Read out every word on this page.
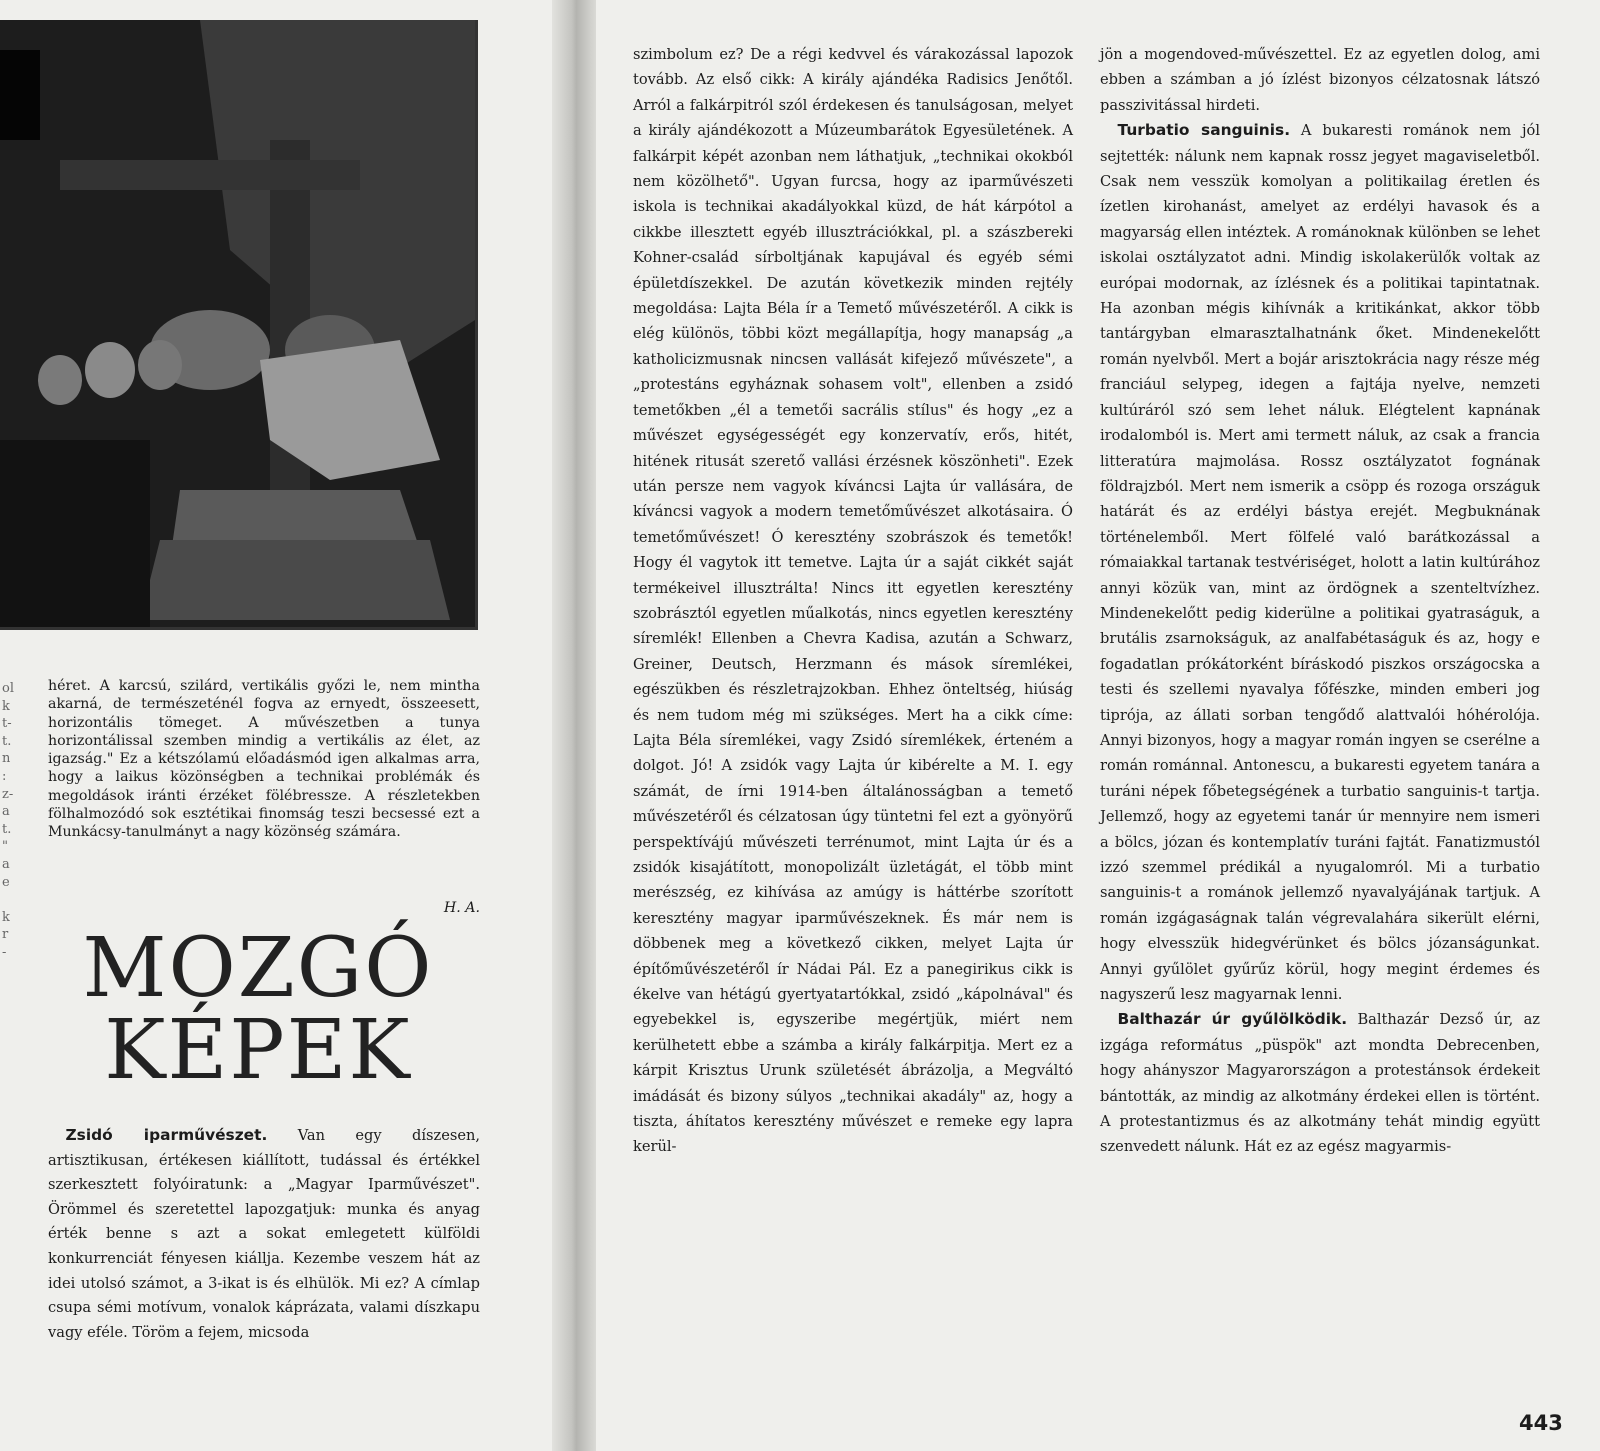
ol
k
t-
t.
n
:
z-
a
t.
"
a
e
k
r
-

héret. A karcsú, szilárd, vertikális győzi le, nem mintha akarná, de természeténél fogva az ernyedt, összeesett, horizontális tömeget. A művészetben a tunya horizontálissal szemben mindig a vertikális az élet, az igazság." Ez a kétszólamú előadásmód igen alkalmas arra, hogy a laikus közönségben a technikai problémák és megoldások iránti érzéket fölébressze. A részletekben fölhalmozódó sok esztétikai finomság teszi becsessé ezt a Munkácsy-tanulmányt a nagy közönség számára.

H. A.
MOZGÓ
KÉPEK

Zsidó iparművészet. Van egy díszesen, artisztikusan, értékesen kiállított, tudással és értékkel szerkesztett folyóiratunk: a „Magyar Iparművészet". Örömmel és szeretettel lapozgatjuk: munka és anyag érték benne s azt a sokat emlegetett külföldi konkurrenciát fényesen kiállja. Kezembe veszem hát az idei utolsó számot, a 3-ikat is és elhülök. Mi ez? A címlap csupa sémi motívum, vonalok káprázata, valami díszkapu vagy eféle. Töröm a fejem, micsoda

szimbolum ez? De a régi kedvvel és várakozással lapozok tovább. Az első cikk: A király ajándéka Radisics Jenőtől. Arról a falkárpitról szól érdekesen és tanulságosan, melyet a király ajándékozott a Múzeumbarátok Egyesületének. A falkárpit képét azonban nem láthatjuk, „technikai okokból nem közölhető". Ugyan furcsa, hogy az iparművészeti iskola is technikai akadályokkal küzd, de hát kárpótol a cikkbe illesztett egyéb illusztrációkkal, pl. a szászbereki Kohner-család sírboltjának kapujával és egyéb sémi épületdíszekkel. De azután következik minden rejtély megoldása: Lajta Béla ír a Temető művészetéről. A cikk is elég különös, többi közt megállapítja, hogy manapság „a katholicizmusnak nincsen vallását kifejező művészete", a „protestáns egyháznak sohasem volt", ellenben a zsidó temetőkben „él a temetői sacrális stílus" és hogy „ez a művészet egységességét egy konzervatív, erős, hitét, hitének ritusát szerető vallási érzésnek köszönheti". Ezek után persze nem vagyok kíváncsi Lajta úr vallására, de kíváncsi vagyok a modern temetőművészet alkotásaira. Ó temetőművészet! Ó keresztény szobrászok és temetők! Hogy él vagytok itt temetve. Lajta úr a saját cikkét saját termékeivel illusztrálta! Nincs itt egyetlen keresztény szobrásztól egyetlen műalkotás, nincs egyetlen keresztény síremlék! Ellenben a Chevra Kadisa, azután a Schwarz, Greiner, Deutsch, Herzmann és mások síremlékei, egészükben és részletrajzokban. Ehhez önteltség, hiúság és nem tudom még mi szükséges. Mert ha a cikk címe: Lajta Béla síremlékei, vagy Zsidó síremlékek, érteném a dolgot. Jó! A zsidók vagy Lajta úr kibérelte a M. I. egy számát, de írni 1914-ben általánosságban a temető művészetéről és célzatosan úgy tüntetni fel ezt a gyönyörű perspektívájú művészeti terrénumot, mint Lajta úr és a zsidók kisajátított, monopolizált üzletágát, el több mint merészség, ez kihívása az amúgy is háttérbe szorított keresztény magyar iparművészeknek. És már nem is döbbenek meg a következő cikken, melyet Lajta úr építőművészetéről ír Nádai Pál. Ez a panegirikus cikk is ékelve van hétágú gyertyatartókkal, zsidó „kápolnával" és egyebekkel is, egyszeribe megértjük, miért nem kerülhetett ebbe a számba a király falkárpitja. Mert ez a kárpit Krisztus Urunk születését ábrázolja, a Megváltó imádását és bizony súlyos „technikai akadály" az, hogy a tiszta, áhítatos keresztény művészet e remeke egy lapra kerül-

jön a mogendoved-művészettel. Ez az egyetlen dolog, ami ebben a számban a jó ízlést bizonyos célzatosnak látszó passzivitással hirdeti.

Turbatio sanguinis. A bukaresti románok nem jól sejtették: nálunk nem kapnak rossz jegyet magaviseletből. Csak nem vesszük komolyan a politikailag éretlen és ízetlen kirohanást, amelyet az erdélyi havasok és a magyarság ellen intéztek. A románoknak különben se lehet iskolai osztályzatot adni. Mindig iskolakerülők voltak az európai modornak, az ízlésnek és a politikai tapintatnak. Ha azonban mégis kihívnák a kritikánkat, akkor több tantárgyban elmarasztalhatnánk őket. Mindenekelőtt román nyelvből. Mert a bojár arisztokrácia nagy része még franciául selypeg, idegen a fajtája nyelve, nemzeti kultúráról szó sem lehet náluk. Elégtelent kapnának irodalomból is. Mert ami termett náluk, az csak a francia litteratúra majmolása. Rossz osztályzatot fognának földrajzból. Mert nem ismerik a csöpp és rozoga országuk határát és az erdélyi bástya erejét. Megbuknának történelemből. Mert fölfelé való barátkozással a rómaiakkal tartanak testvériséget, holott a latin kultúrához annyi közük van, mint az ördögnek a szenteltvízhez. Mindenekelőtt pedig kiderülne a politikai gyatraságuk, a brutális zsarnokságuk, az analfabétaságuk és az, hogy e fogadatlan prókátorként bíráskodó piszkos országocska a testi és szellemi nyavalya főfészke, minden emberi jog tiprója, az állati sorban tengődő alattvalói hóhérolója. Annyi bizonyos, hogy a magyar román ingyen se cserélne a román románnal. Antonescu, a bukaresti egyetem tanára a turáni népek főbetegségének a turbatio sanguinis-t tartja. Jellemző, hogy az egyetemi tanár úr mennyire nem ismeri a bölcs, józan és kontemplatív turáni fajtát. Fanatizmustól izzó szemmel prédikál a nyugalomról. Mi a turbatio sanguinis-t a románok jellemző nyavalyájának tartjuk. A román izgágaságnak talán végrevalahára sikerült elérni, hogy elvesszük hidegvérünket és bölcs józanságunkat. Annyi gyűlölet gyűrűz körül, hogy megint érdemes és nagyszerű lesz magyarnak lenni.

Balthazár úr gyűlölködik. Balthazár Dezső úr, az izgága református „püspök" azt mondta Debrecenben, hogy ahányszor Magyarországon a protestánsok érdekeit bántották, az mindig az alkotmány érdekei ellen is történt. A protestantizmus és az alkotmány tehát mindig együtt szenvedett nálunk. Hát ez az egész magyarmis-

443
